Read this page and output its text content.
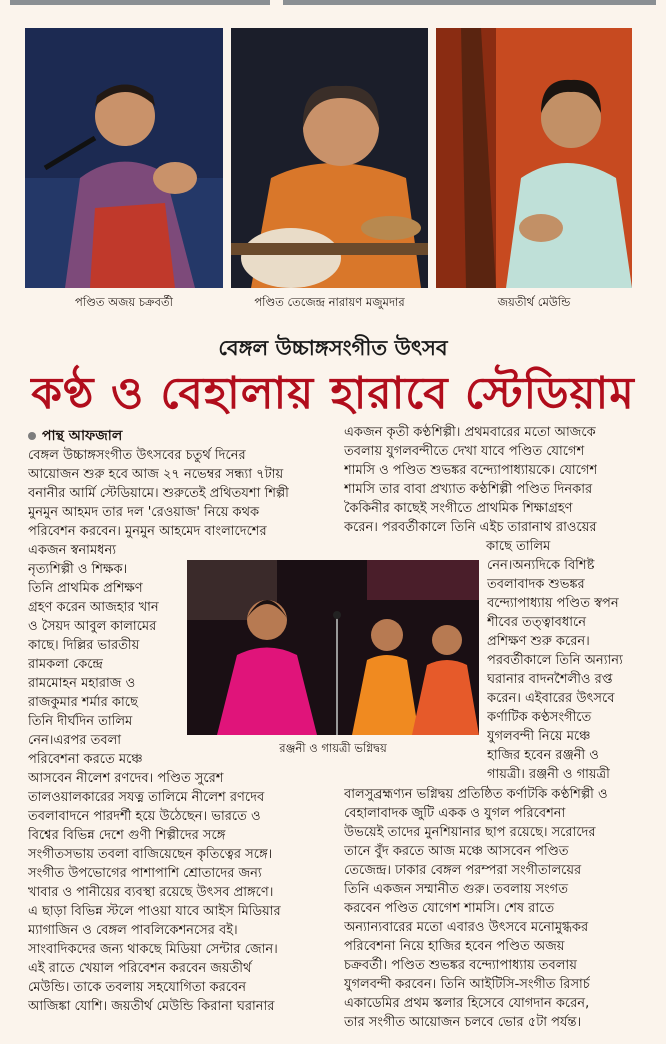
পণ্ডিত অজয় চক্রবর্তী	পণ্ডিত তেজেন্দ্র নারায়ণ মজুমদার	জয়তীর্থ মেউন্ডি
বেঙ্গল উচ্চাঙ্গসংগীত উৎসব
কণ্ঠ ও বেহালায় হারাবে স্টেডিয়াম
পান্থ আফজাল
বেঙ্গল উচ্চাঙ্গসংগীত উৎসবের চতুর্থ দিনের
আয়োজন শুরু হবে আজ ২৭ নভেম্বর সন্ধ্যা ৭টায়
বনানীর আর্মি স্টেডিয়ামে। শুরুতেই প্রথিতযশা শিল্পী
মুনমুন আহমদ তার দল 'রেওয়াজ' নিয়ে কথক
পরিবেশন করবেন। মুনমুন আহমেদ বাংলাদেশের
একজন স্বনামধন্য
নৃত্যশিল্পী ও শিক্ষক।
তিনি প্রাথমিক প্রশিক্ষণ
গ্রহণ করেন আজহার খান
ও সৈয়দ আবুল কালামের
কাছে। দিল্লির ভারতীয়
রামকলা কেন্দ্রে
রামমোহন মহারাজ ও
রাজকুমার শর্মার কাছে
তিনি দীর্ঘদিন তালিম
নেন।এরপর তবলা
পরিবেশনা করতে মঞ্চে
রঞ্জনী ও গায়ত্রী ভগ্নিদ্বয়
আসবেন নীলেশ রণদেব। পণ্ডিত সুরেশ
তালওয়ালকারের সযত্ন তালিমে নীলেশ রণদেব
তবলাবাদনে পারদর্শী হয়ে উঠেছেন। ভারতে ও
বিশ্বের বিভিন্ন দেশে গুণী শিল্পীদের সঙ্গে
সংগীতসভায় তবলা বাজিয়েছেন কৃতিত্বের সঙ্গে।
সংগীত উপভোগের পাশাপাশি শ্রোতাদের জন্য
খাবার ও পানীয়ের ব্যবস্থা রয়েছে উৎসব প্রাঙ্গণে।
এ ছাড়া বিভিন্ন স্টলে পাওয়া যাবে আইস মিডিয়ার
ম্যাগাজিন ও বেঙ্গল পাবলিকেশনসের বই।
সাংবাদিকদের জন্য থাকছে মিডিয়া সেন্টার জোন।
এই রাতে খেয়াল পরিবেশন করবেন জয়তীর্থ
মেউন্ডি। তাকে তবলায় সহযোগিতা করবেন
আজিঙ্কা যোশি। জয়তীর্থ মেউন্ডি কিরানা ঘরানার
একজন কৃতী কণ্ঠশিল্পী। প্রথমবারের মতো আজকে
তবলায় যুগলবন্দীতে দেখা যাবে পণ্ডিত যোগেশ
শামসি ও পণ্ডিত শুভঙ্কর বন্দ্যোপাধ্যায়কে। যোগেশ
শামসি তার বাবা প্রখ্যাত কণ্ঠশিল্পী পণ্ডিত দিনকার
কৈকিনীর কাছেই সংগীতে প্রাথমিক শিক্ষাগ্রহণ
করেন। পরবর্তীকালে তিনি এইচ তারানাথ রাওয়ের
কাছে তালিম
নেন।অন্যদিকে বিশিষ্ট
তবলাবাদক শুভঙ্কর
বন্দ্যোপাধ্যায় পণ্ডিত স্বপন
শীবের তত্ত্বাবধানে
প্রশিক্ষণ শুরু করেন।
পরবর্তীকালে তিনি অন্যান্য
ঘরানার বাদনশৈলীও রপ্ত
করেন। এইবারের উৎসবে
কর্ণাটিক কণ্ঠসংগীতে
যুগলবন্দী নিয়ে মঞ্চে
হাজির হবেন রঞ্জনী ও
গায়ত্রী। রঞ্জনী ও গায়ত্রী
বালসুব্রহ্মণ্যন ভগ্নিদ্বয় প্রতিষ্ঠিত কর্ণাটকি কণ্ঠশিল্পী ও
বেহালাবাদক জুটি একক ও যুগল পরিবেশনা
উভয়েই তাদের মুনশিয়ানার ছাপ রয়েছে। সরোদের
তানে বুঁদ করতে আজ মঞ্চে আসবেন পণ্ডিত
তেজেন্দ্র। ঢাকার বেঙ্গল পরম্পরা সংগীতালয়ের
তিনি একজন সম্মানীত গুরু। তবলায় সংগত
করবেন পণ্ডিত যোগেশ শামসি। শেষ রাতে
অন্যান্যবারের মতো এবারও উৎসবে মনোমুগ্ধকর
পরিবেশনা নিয়ে হাজির হবেন পণ্ডিত অজয়
চক্রবর্তী। পণ্ডিত শুভঙ্কর বন্দ্যোপাধ্যায় তবলায়
যুগলবন্দী করবেন। তিনি আইটিসি-সংগীত রিসার্চ
একাডেমির প্রথম স্কলার হিসেবে যোগদান করেন,
তার সংগীত আয়োজন চলবে ভোর ৫টা পর্যন্ত।
